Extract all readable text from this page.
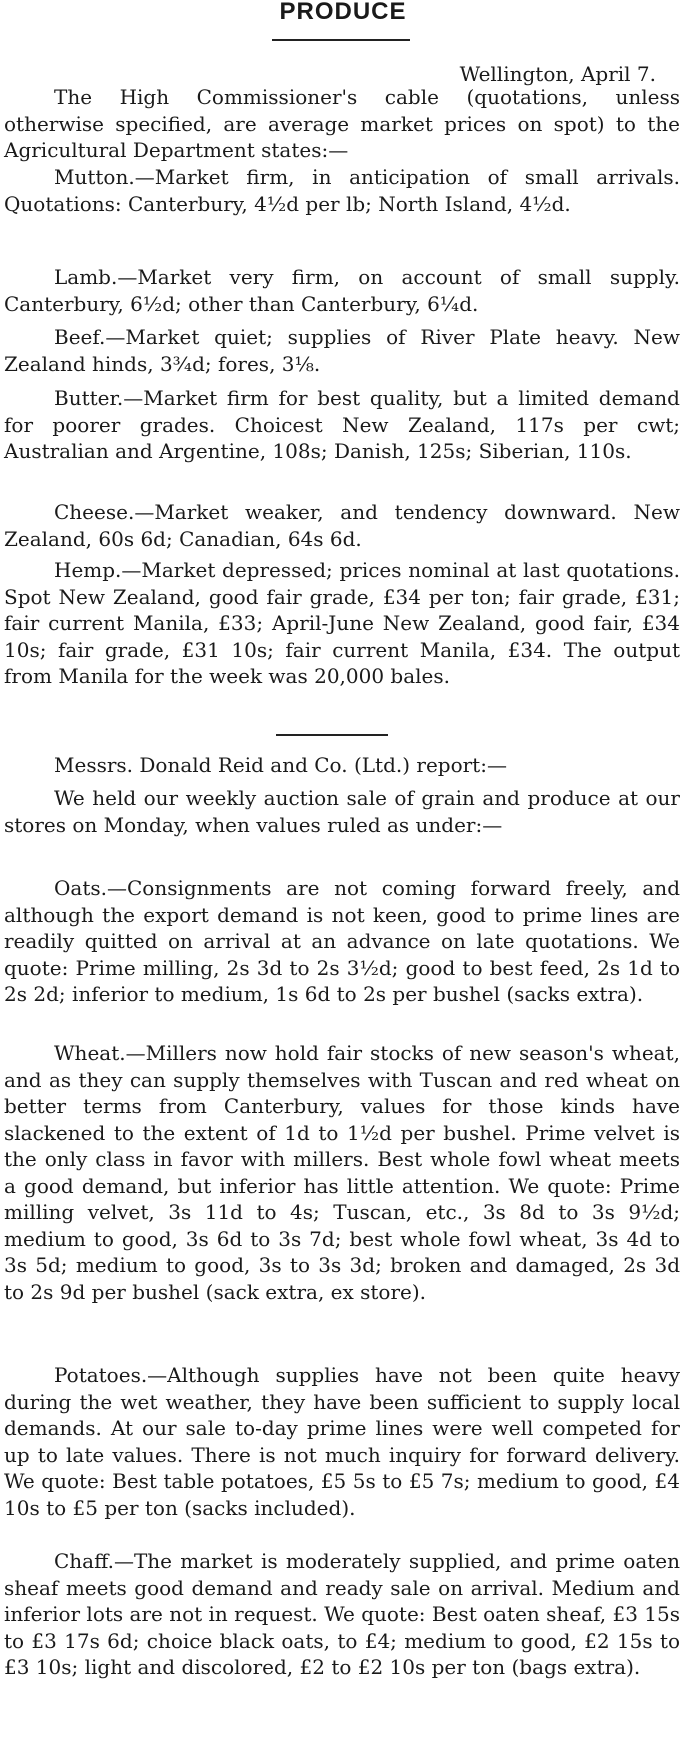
PRODUCE
Wellington, April 7.

The High Commissioner's cable (quotations, unless otherwise specified, are average market prices on spot) to the Agricultural Department states:—

Mutton.—Market firm, in anticipation of small arrivals. Quotations: Canterbury, 4½d per lb; North Island, 4½d.

Lamb.—Market very firm, on account of small supply. Canterbury, 6½d; other than Canterbury, 6¼d.

Beef.—Market quiet; supplies of River Plate heavy. New Zealand hinds, 3¾d; fores, 3⅛.

Butter.—Market firm for best quality, but a limited demand for poorer grades. Choicest New Zealand, 117s per cwt; Australian and Argentine, 108s; Danish, 125s; Siberian, 110s.

Cheese.—Market weaker, and tendency downward. New Zealand, 60s 6d; Canadian, 64s 6d.

Hemp.—Market depressed; prices nominal at last quotations. Spot New Zealand, good fair grade, £34 per ton; fair grade, £31; fair current Manila, £33; April-June New Zealand, good fair, £34 10s; fair grade, £31 10s; fair current Manila, £34. The output from Manila for the week was 20,000 bales.

Messrs. Donald Reid and Co. (Ltd.) report:—

We held our weekly auction sale of grain and produce at our stores on Monday, when values ruled as under:—

Oats.—Consignments are not coming forward freely, and although the export demand is not keen, good to prime lines are readily quitted on arrival at an advance on late quotations. We quote: Prime milling, 2s 3d to 2s 3½d; good to best feed, 2s 1d to 2s 2d; inferior to medium, 1s 6d to 2s per bushel (sacks extra).

Wheat.—Millers now hold fair stocks of new season's wheat, and as they can supply themselves with Tuscan and red wheat on better terms from Canterbury, values for those kinds have slackened to the extent of 1d to 1½d per bushel. Prime velvet is the only class in favor with millers. Best whole fowl wheat meets a good demand, but inferior has little attention. We quote: Prime milling velvet, 3s 11d to 4s; Tuscan, etc., 3s 8d to 3s 9½d; medium to good, 3s 6d to 3s 7d; best whole fowl wheat, 3s 4d to 3s 5d; medium to good, 3s to 3s 3d; broken and damaged, 2s 3d to 2s 9d per bushel (sack extra, ex store).

Potatoes.—Although supplies have not been quite heavy during the wet weather, they have been sufficient to supply local demands. At our sale to-day prime lines were well competed for up to late values. There is not much inquiry for forward delivery. We quote: Best table potatoes, £5 5s to £5 7s; medium to good, £4 10s to £5 per ton (sacks included).

Chaff.—The market is moderately supplied, and prime oaten sheaf meets good demand and ready sale on arrival. Medium and inferior lots are not in request. We quote: Best oaten sheaf, £3 15s to £3 17s 6d; choice black oats, to £4; medium to good, £2 15s to £3 10s; light and discolored, £2 to £2 10s per ton (bags extra).
